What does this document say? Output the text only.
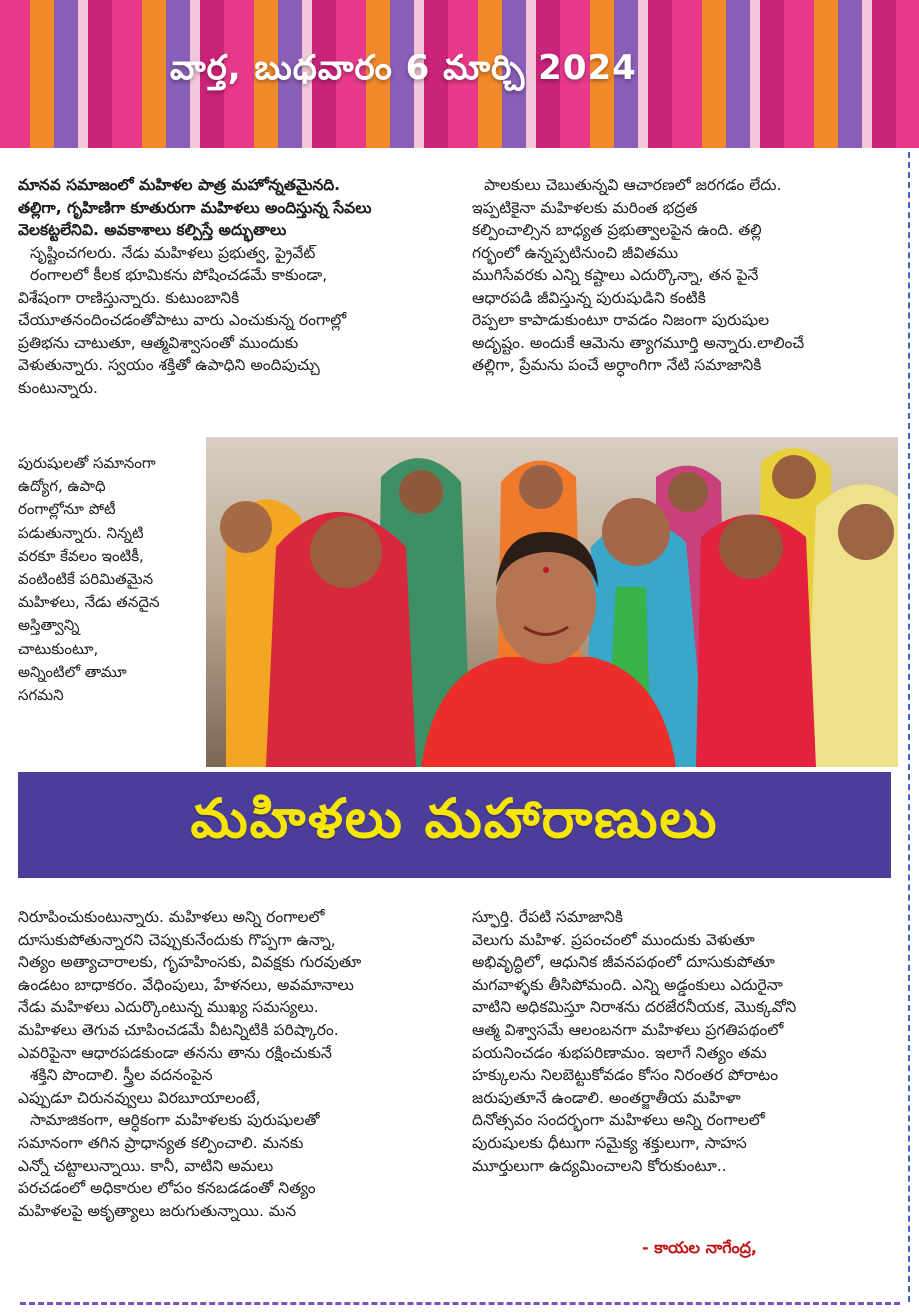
వార్త, బుధవారం 6 మార్చి 2024

మానవ సమాజంలో మహిళల పాత్ర మహోన్నతమైనది.

తల్లిగా, గృహిణిగా కూతురుగా మహిళలు అందిస్తున్న సేవలు

వెలకట్టలేనివి. అవకాశాలు కల్పిస్తే అద్భుతాలు

సృష్టించగలరు. నేడు మహిళలు ప్రభుత్వ, ప్రైవేట్

రంగాలలో కీలక భూమికను పోషించడమే కాకుండా,

విశేషంగా రాణిస్తున్నారు. కుటుంబానికి

చేయూతనందించడంతోపాటు వారు ఎంచుకున్న రంగాల్లో

ప్రతిభను చాటుతూ, ఆత్మవిశ్వాసంతో ముందుకు

వెళుతున్నారు. స్వయం శక్తితో ఉపాధిని అందిపుచ్చు

కుంటున్నారు.

పాలకులు చెబుతున్నవి ఆచారణలో జరగడం లేదు.

ఇప్పటికైనా మహిళలకు మరింత భద్రత

కల్పించాల్సిన బాధ్యత ప్రభుత్వాలపైన ఉంది. తల్లి

గర్భంలో ఉన్నప్పటినుంచి జీవితము

ముగిసేవరకు ఎన్ని కష్టాలు ఎదుర్కొన్నా, తన పైనే

ఆధారపడి జీవిస్తున్న పురుషుడిని కంటికి

రెప్పలా కాపాడుకుంటూ రావడం నిజంగా పురుషుల

అదృష్టం. అందుకే ఆమెను త్యాగమూర్తి అన్నారు.లాలించే

తల్లిగా, ప్రేమను పంచే అర్ధాంగిగా నేటి సమాజానికి

పురుషులతో సమానంగా

ఉద్యోగ, ఉపాధి

రంగాల్లోనూ పోటీ

పడుతున్నారు. నిన్నటి

వరకూ కేవలం ఇంటికీ,

వంటింటికే పరిమితమైన

మహిళలు, నేడు తనదైన

అస్తిత్వాన్ని

చాటుకుంటూ,

అన్నింటిలో తామూ

సగమని

మహిళలు మహారాణులు

నిరూపించుకుంటున్నారు. మహిళలు అన్ని రంగాలలో

దూసుకుపోతున్నారని చెప్పుకునేందుకు గొప్పగా ఉన్నా,

నిత్యం అత్యాచారాలకు, గృహహింసకు, వివక్షకు గురవుతూ

ఉండటం బాధాకరం. వేధింపులు, హేళనలు, అవమానాలు

నేడు మహిళలు ఎదుర్కొంటున్న ముఖ్య సమస్యలు.

మహిళలు తెగువ చూపించడమే వీటన్నిటికి పరిష్కారం.

ఎవరిపైనా ఆధారపడకుండా తనను తాను రక్షించుకునే

శక్తిని పొందాలి. స్త్రీల వదనంపైన

ఎప్పుడూ చిరునవ్వులు విరబూయాలంటే,

సామాజికంగా, ఆర్ధికంగా మహిళలకు పురుషులతో

సమానంగా తగిన ప్రాధాన్యత కల్పించాలి. మనకు

ఎన్నో చట్టాలున్నాయి. కానీ, వాటిని అమలు

పరచడంలో అధికారుల లోపం కనబడడంతో నిత్యం

మహిళలపై అకృత్యాలు జరుగుతున్నాయి. మన

స్ఫూర్తి. రేపటి సమాజానికి

వెలుగు మహిళ. ప్రపంచంలో ముందుకు వెళుతూ

అభివృద్ధిలో, ఆధునిక జీవనపథంలో దూసుకుపోతూ

మగవాళ్ళకు తీసిపోమంది. ఎన్ని అడ్డంకులు ఎదురైనా

వాటిని అధికమిస్తూ నిరాశను దరజేరనీయక, మొక్కవోని

ఆత్మ విశ్వాసమే ఆలంబనగా మహిళలు ప్రగతిపథంలో

పయనించడం శుభపరిణామం. ఇలాగే నిత్యం తమ

హక్కులను నిలబెట్టుకోవడం కోసం నిరంతర పోరాటం

జరుపుతూనే ఉండాలి. అంతర్జాతీయ మహిళా

దినోత్సవం సందర్భంగా మహిళలు అన్ని రంగాలలో

పురుషులకు ధీటుగా సమైక్య శక్తులుగా, సాహస

మూర్తులుగా ఉద్యమించాలని కోరుకుంటూ..

- కాయల నాగేంద్ర,
